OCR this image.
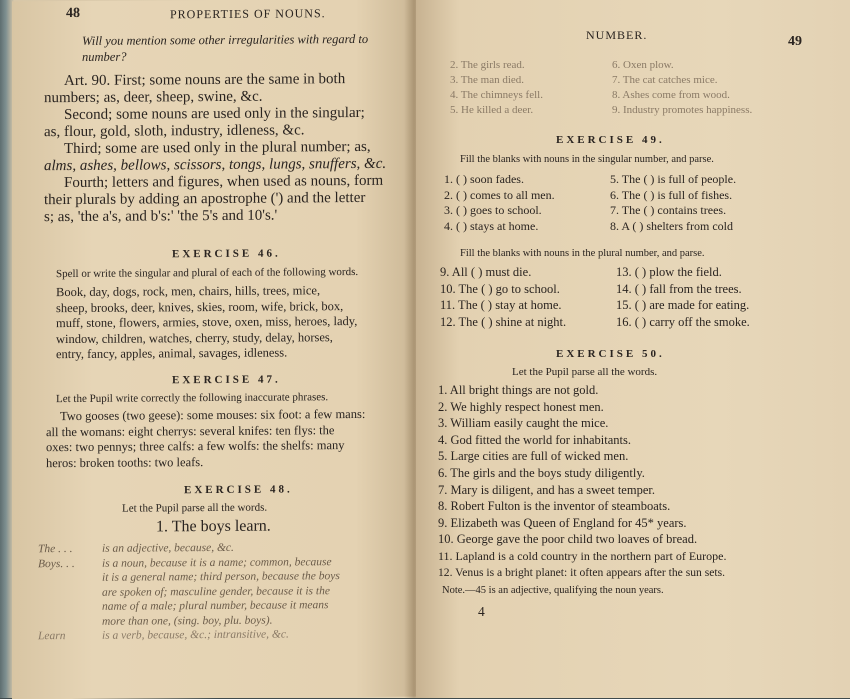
48	PROPERTIES OF NOUNS.
Will you mention some other irregularities with regard to number?
Art. 90. First; some nouns are the same in both
numbers; as, deer, sheep, swine, &c.
Second; some nouns are used only in the singular;
as, flour, gold, sloth, industry, idleness, &c.
Third; some are used only in the plural number; as,
alms, ashes, bellows, scissors, tongs, lungs, snuffers, &c.
Fourth; letters and figures, when used as nouns, form
their plurals by adding an apostrophe (') and the letter
s; as, 'the a's, and b's:' 'the 5's and 10's.'
EXERCISE 46.
Spell or write the singular and plural of each of the following words.
Book, day, dogs, rock, men, chairs, hills, trees, mice,
sheep, brooks, deer, knives, skies, room, wife, brick, box,
muff, stone, flowers, armies, stove, oxen, miss, heroes, lady,
window, children, watches, cherry, study, delay, horses,
entry, fancy, apples, animal, savages, idleness.
EXERCISE 47.
Let the Pupil write correctly the following inaccurate phrases.
Two gooses (two geese): some mouses: six foot: a few mans:
all the womans: eight cherrys: several knifes: ten flys: the
oxes: two pennys; three calfs: a few wolfs: the shelfs: many
heros: broken tooths: two leafs.
EXERCISE 48.
Let the Pupil parse all the words.
1. The boys learn.
The . . .	is an adjective, because, &c.
Boys. . . is a noun, because it is a name; common, because
it is a general name; third person, because the boys
are spoken of; masculine gender, because it is the
name of a male; plural number, because it means
more than one, (sing. boy, plu. boys).
Learn	is a verb, because, &c.; intransitive, &c.
NUMBER.	49
2. The girls read.
3. The man died.
4. The chimneys fell.
5. He killed a deer.
6. Oxen plow.
7. The cat catches mice.
8. Ashes come from wood.
9. Industry promotes happiness.
EXERCISE 49.
Fill the blanks with nouns in the singular number, and parse.
1. ( ) soon fades.
2. ( ) comes to all men.
3. ( ) goes to school.
4. ( ) stays at home.
5. The ( ) is full of people.
6. The ( ) is full of fishes.
7. The ( ) contains trees.
8. A ( ) shelters from cold
Fill the blanks with nouns in the plural number, and parse.
9. All ( ) must die.
10. The ( ) go to school.
11. The ( ) stay at home.
12. The ( ) shine at night.
13. ( ) plow the field.
14. ( ) fall from the trees.
15. ( ) are made for eating.
16. ( ) carry off the smoke.
EXERCISE 50.
Let the Pupil parse all the words.
1. All bright things are not gold.
2. We highly respect honest men.
3. William easily caught the mice.
4. God fitted the world for inhabitants.
5. Large cities are full of wicked men.
6. The girls and the boys study diligently.
7. Mary is diligent, and has a sweet temper.
8. Robert Fulton is the inventor of steamboats.
9. Elizabeth was Queen of England for 45* years.
10. George gave the poor child two loaves of bread.
11. Lapland is a cold country in the northern part of Europe.
12. Venus is a bright planet: it often appears after the sun sets.
Note.—45 is an adjective, qualifying the noun years.
4
